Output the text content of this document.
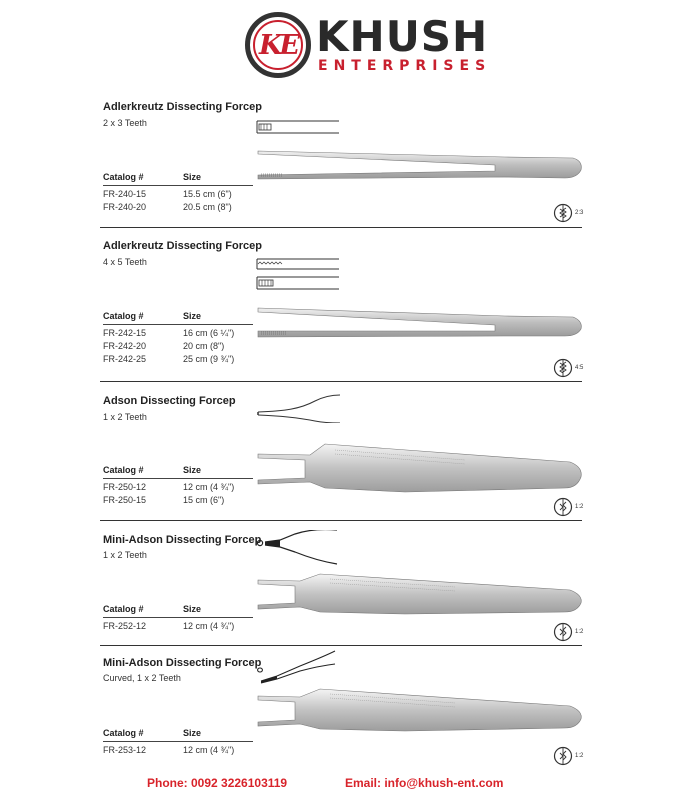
KE KHUSH
ENTERPRISES
Adlerkreutz Dissecting Forcep
2 x 3 Teeth
Catalog #	Size
FR-240-15	15.5 cm (6")
FR-240-20	20.5 cm (8")
2:3
Adlerkreutz Dissecting Forcep
4 x 5 Teeth
Catalog #	Size
FR-242-15	16 cm (6 ¼")
FR-242-20	20 cm (8")
FR-242-25	25 cm (9 ¾")
4:5
Adson Dissecting Forcep
1 x 2 Teeth
Catalog #	Size
FR-250-12	12 cm (4 ¾")
FR-250-15	15 cm (6")
1:2
Mini-Adson Dissecting Forcep
1 x 2 Teeth
Catalog #	Size
FR-252-12	12 cm (4 ¾")
1:2
Mini-Adson Dissecting Forcep
Curved, 1 x 2 Teeth
Catalog #	Size
FR-253-12	12 cm (4 ¾")
1:2
Phone: 0092 3226103119	Email: info@khush-ent.com
